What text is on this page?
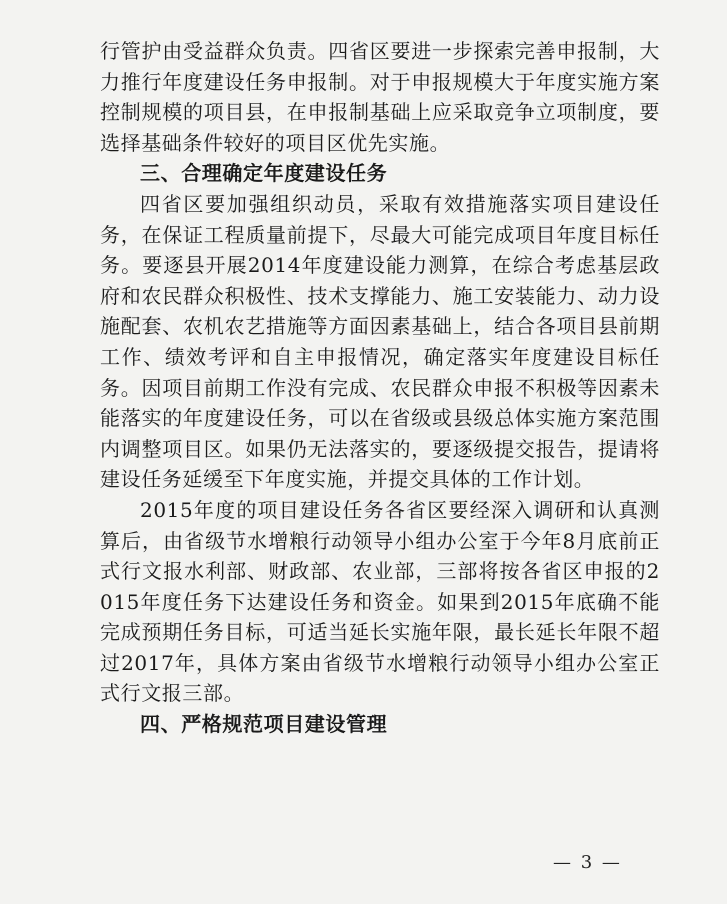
行管护由受益群众负责。四省区要进一步探索完善申报制，大力推行年度建设任务申报制。对于申报规模大于年度实施方案控制规模的项目县，在申报制基础上应采取竞争立项制度，要选择基础条件较好的项目区优先实施。

三、合理确定年度建设任务

四省区要加强组织动员，采取有效措施落实项目建设任务，在保证工程质量前提下，尽最大可能完成项目年度目标任务。要逐县开展2014年度建设能力测算，在综合考虑基层政府和农民群众积极性、技术支撑能力、施工安装能力、动力设施配套、农机农艺措施等方面因素基础上，结合各项目县前期工作、绩效考评和自主申报情况，确定落实年度建设目标任务。因项目前期工作没有完成、农民群众申报不积极等因素未能落实的年度建设任务，可以在省级或县级总体实施方案范围内调整项目区。如果仍无法落实的，要逐级提交报告，提请将建设任务延缓至下年度实施，并提交具体的工作计划。

2015年度的项目建设任务各省区要经深入调研和认真测算后，由省级节水增粮行动领导小组办公室于今年8月底前正式行文报水利部、财政部、农业部，三部将按各省区申报的2015年度任务下达建设任务和资金。如果到2015年底确不能完成预期任务目标，可适当延长实施年限，最长延长年限不超过2017年，具体方案由省级节水增粮行动领导小组办公室正式行文报三部。

四、严格规范项目建设管理

— 3 —
